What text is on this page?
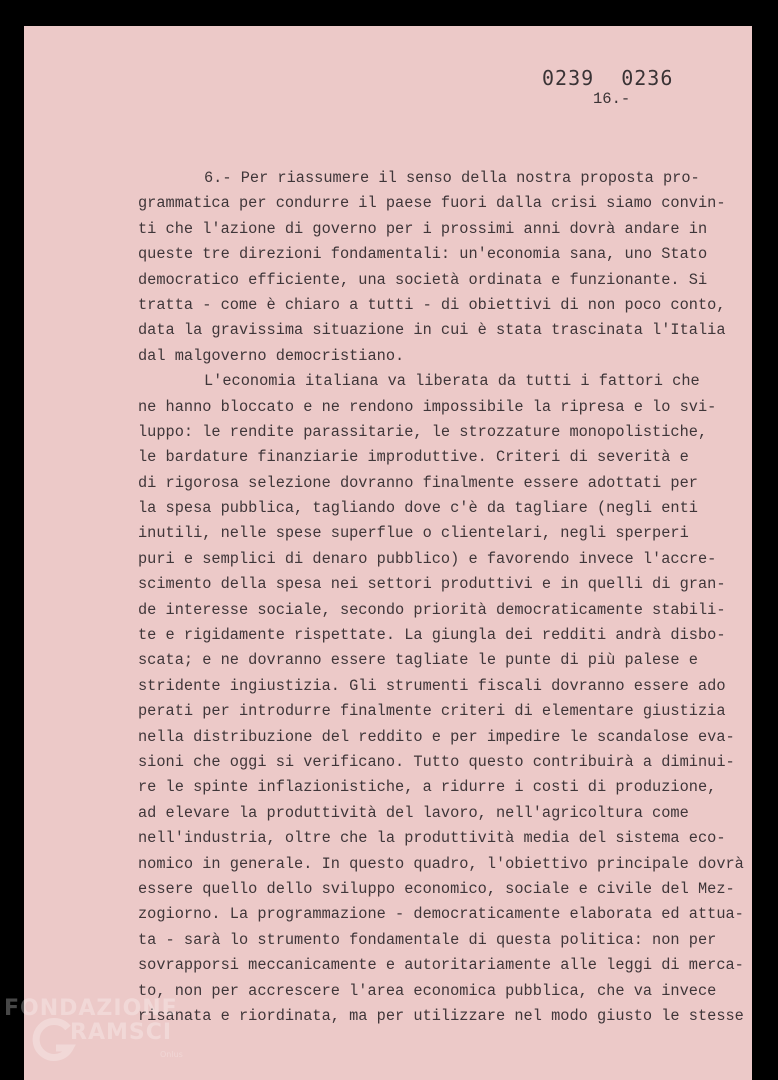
0239 0236
16.-
6.- Per riassumere il senso della nostra proposta pro-
grammatica per condurre il paese fuori dalla crisi siamo convin-
ti che l'azione di governo per i prossimi anni dovrà andare in
queste tre direzioni fondamentali: un'economia sana, uno Stato
democratico efficiente, una società ordinata e funzionante. Si
tratta - come è chiaro a tutti - di obiettivi di non poco conto,
data la gravissima situazione in cui è stata trascinata l'Italia
dal malgoverno democristiano.
L'economia italiana va liberata da tutti i fattori che
ne hanno bloccato e ne rendono impossibile la ripresa e lo svi-
luppo: le rendite parassitarie, le strozzature monopolistiche,
le bardature finanziarie improduttive. Criteri di severità e
di rigorosa selezione dovranno finalmente essere adottati per
la spesa pubblica, tagliando dove c'è da tagliare (negli enti
inutili, nelle spese superflue o clientelari, negli sperperi
puri e semplici di denaro pubblico) e favorendo invece l'accre-
scimento della spesa nei settori produttivi e in quelli di gran-
de interesse sociale, secondo priorità democraticamente stabili-
te e rigidamente rispettate. La giungla dei redditi andrà disbo-
scata; e ne dovranno essere tagliate le punte di più palese e
stridente ingiustizia. Gli strumenti fiscali dovranno essere ado
perati per introdurre finalmente criteri di elementare giustizia
nella distribuzione del reddito e per impedire le scandalose eva-
sioni che oggi si verificano. Tutto questo contribuirà a diminui-
re le spinte inflazionistiche, a ridurre i costi di produzione,
ad elevare la produttività del lavoro, nell'agricoltura come
nell'industria, oltre che la produttività media del sistema eco-
nomico in generale. In questo quadro, l'obiettivo principale dovrà
essere quello dello sviluppo economico, sociale e civile del Mez-
zogiorno. La programmazione - democraticamente elaborata ed attua-
ta - sarà lo strumento fondamentale di questa politica: non per
sovrapporsi meccanicamente e autoritariamente alle leggi di merca-
to, non per accrescere l'area economica pubblica, che va invece
risanata e riordinata, ma per utilizzare nel modo giusto le stesse
FONDAZIONE
RAMSCI
Onlus
